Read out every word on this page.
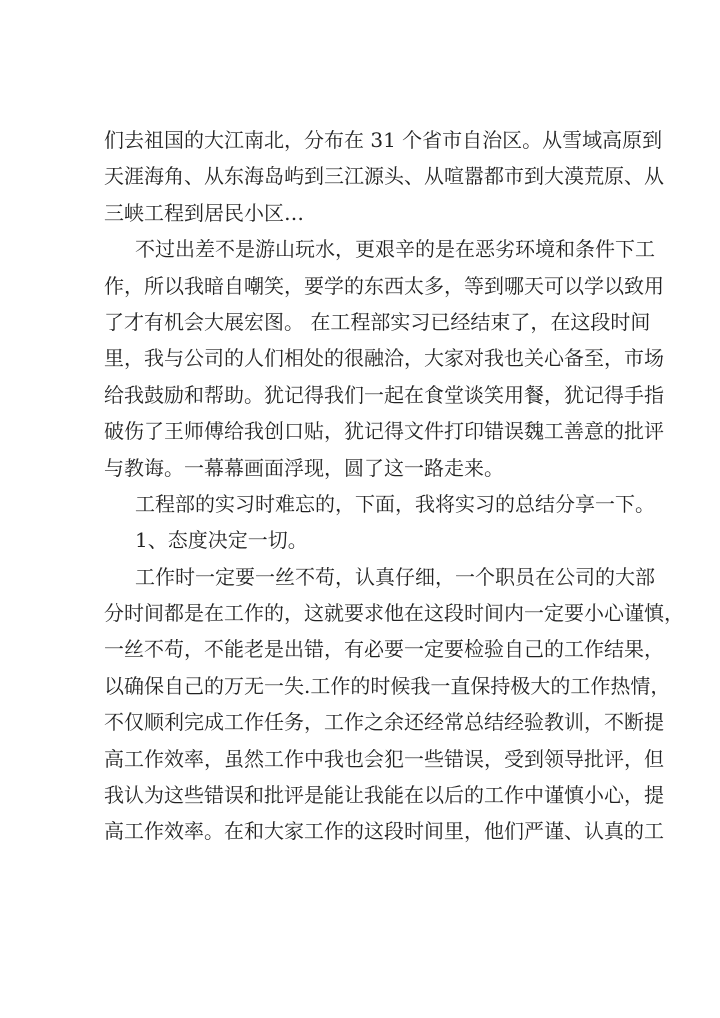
们去祖国的大江南北，分布在 31 个省市自治区。从雪域高原到
天涯海角、从东海岛屿到三江源头、从喧嚣都市到大漠荒原、从
三峡工程到居民小区…
不过出差不是游山玩水，更艰辛的是在恶劣环境和条件下工
作，所以我暗自嘲笑，要学的东西太多，等到哪天可以学以致用
了才有机会大展宏图。 在工程部实习已经结束了，在这段时间
里，我与公司的人们相处的很融洽，大家对我也关心备至，市场
给我鼓励和帮助。犹记得我们一起在食堂谈笑用餐，犹记得手指
破伤了王师傅给我创口贴，犹记得文件打印错误魏工善意的批评
与教诲。一幕幕画面浮现，圆了这一路走来。
工程部的实习时难忘的，下面，我将实习的总结分享一下。
1、态度决定一切。
工作时一定要一丝不苟，认真仔细，一个职员在公司的大部
分时间都是在工作的，这就要求他在这段时间内一定要小心谨慎，
一丝不苟，不能老是出错，有必要一定要检验自己的工作结果，
以确保自己的万无一失.工作的时候我一直保持极大的工作热情，
不仅顺利完成工作任务，工作之余还经常总结经验教训，不断提
高工作效率，虽然工作中我也会犯一些错误，受到领导批评，但
我认为这些错误和批评是能让我能在以后的工作中谨慎小心，提
高工作效率。在和大家工作的这段时间里，他们严谨、认真的工
